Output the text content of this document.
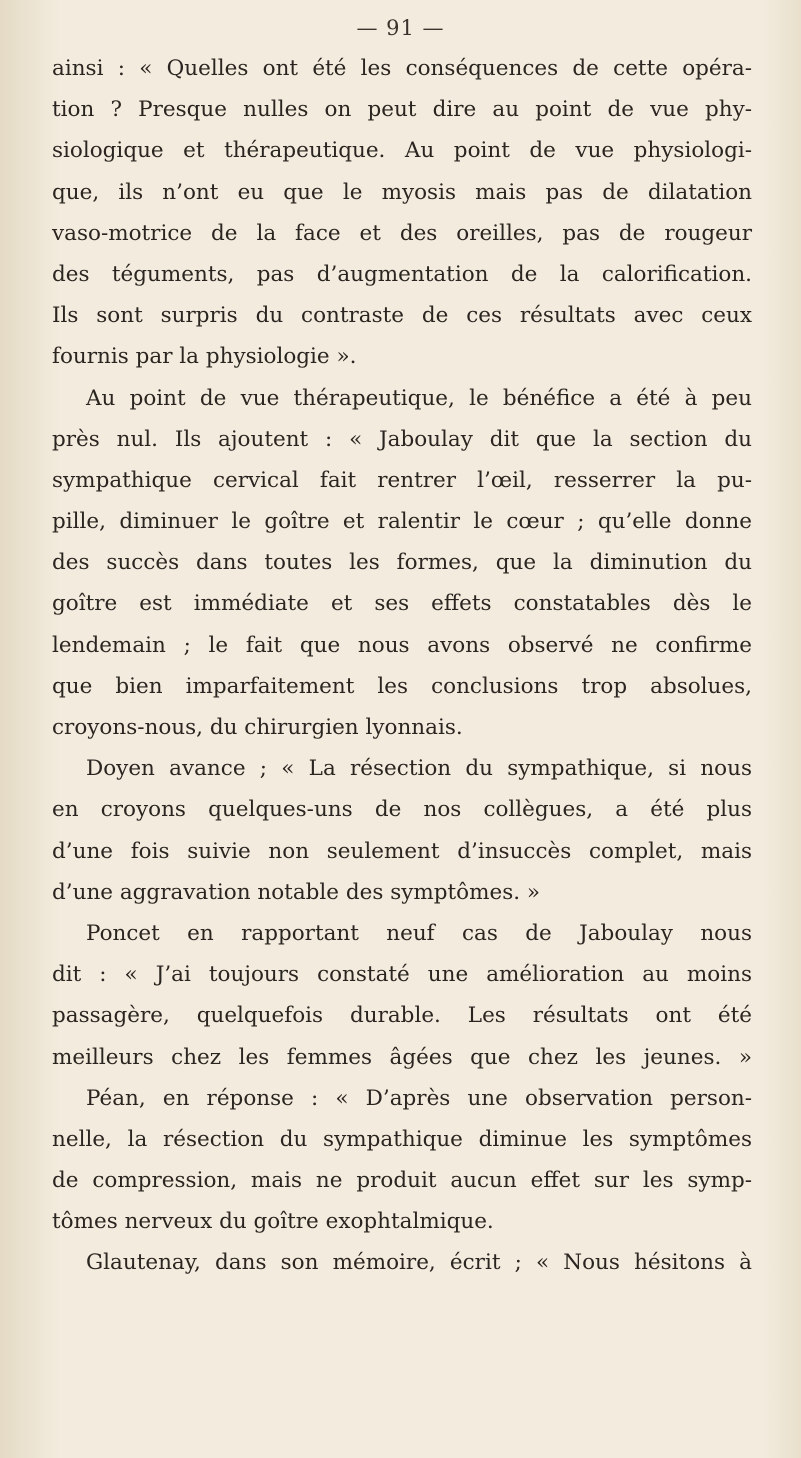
— 91 —
ainsi : « Quelles ont été les conséquences de cette opéra-
tion ? Presque nulles on peut dire au point de vue phy-
siologique et thérapeutique. Au point de vue physiologi-
que, ils n’ont eu que le myosis mais pas de dilatation
vaso-motrice de la face et des oreilles, pas de rougeur
des téguments, pas d’augmentation de la calorification.
Ils sont surpris du contraste de ces résultats avec ceux
fournis par la physiologie ».
Au point de vue thérapeutique, le bénéfice a été à peu
près nul. Ils ajoutent : « Jaboulay dit que la section du
sympathique cervical fait rentrer l’œil, resserrer la pu-
pille, diminuer le goître et ralentir le cœur ; qu’elle donne
des succès dans toutes les formes, que la diminution du
goître est immédiate et ses effets constatables dès le
lendemain ; le fait que nous avons observé ne confirme
que bien imparfaitement les conclusions trop absolues,
croyons-nous, du chirurgien lyonnais.
Doyen avance ; « La résection du sympathique, si nous
en croyons quelques-uns de nos collègues, a été plus
d’une fois suivie non seulement d’insuccès complet, mais
d’une aggravation notable des symptômes. »
Poncet en rapportant neuf cas de Jaboulay nous
dit : « J’ai toujours constaté une amélioration au moins
passagère, quelquefois durable. Les résultats ont été
meilleurs chez les femmes âgées que chez les jeunes. »
Péan, en réponse : « D’après une observation person-
nelle, la résection du sympathique diminue les symptômes
de compression, mais ne produit aucun effet sur les symp-
tômes nerveux du goître exophtalmique.
Glautenay, dans son mémoire, écrit ; « Nous hésitons à
